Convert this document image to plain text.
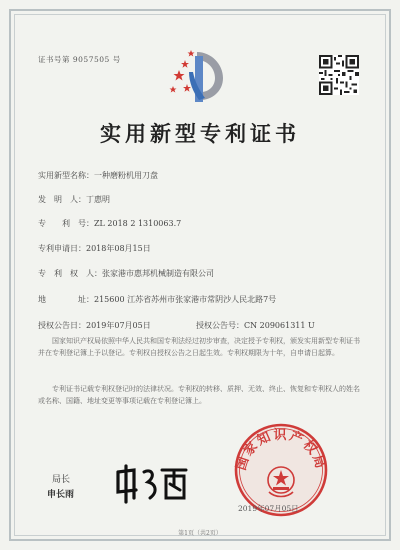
证书号第 9057505 号
实用新型专利证书
实用新型名称：一种磨粉机用刀盘
发　明　人：丁惠明
专　　利　号：ZL 2018 2 1310063.7
专利申请日：2018年08月15日
专　利　权　人：张家港市惠邦机械制造有限公司
地　　　　址：215600 江苏省苏州市张家港市常阴沙人民北路7号
授权公告日：2019年07月05日	授权公告号：CN 209061311 U
国家知识产权局依照中华人民共和国专利法经过初步审查，决定授予专利权，颁发实用新型专利证书并在专利登记簿上予以登记。专利权自授权公告之日起生效。专利权期限为十年，自申请日起算。
专利证书记载专利权登记时的法律状况。专利权的转移、质押、无效、终止、恢复和专利权人的姓名或名称、国籍、地址变更等事项记载在专利登记簿上。
局长
申长雨
国家知识产权局
2019年07月05日
第1页（共2页）
